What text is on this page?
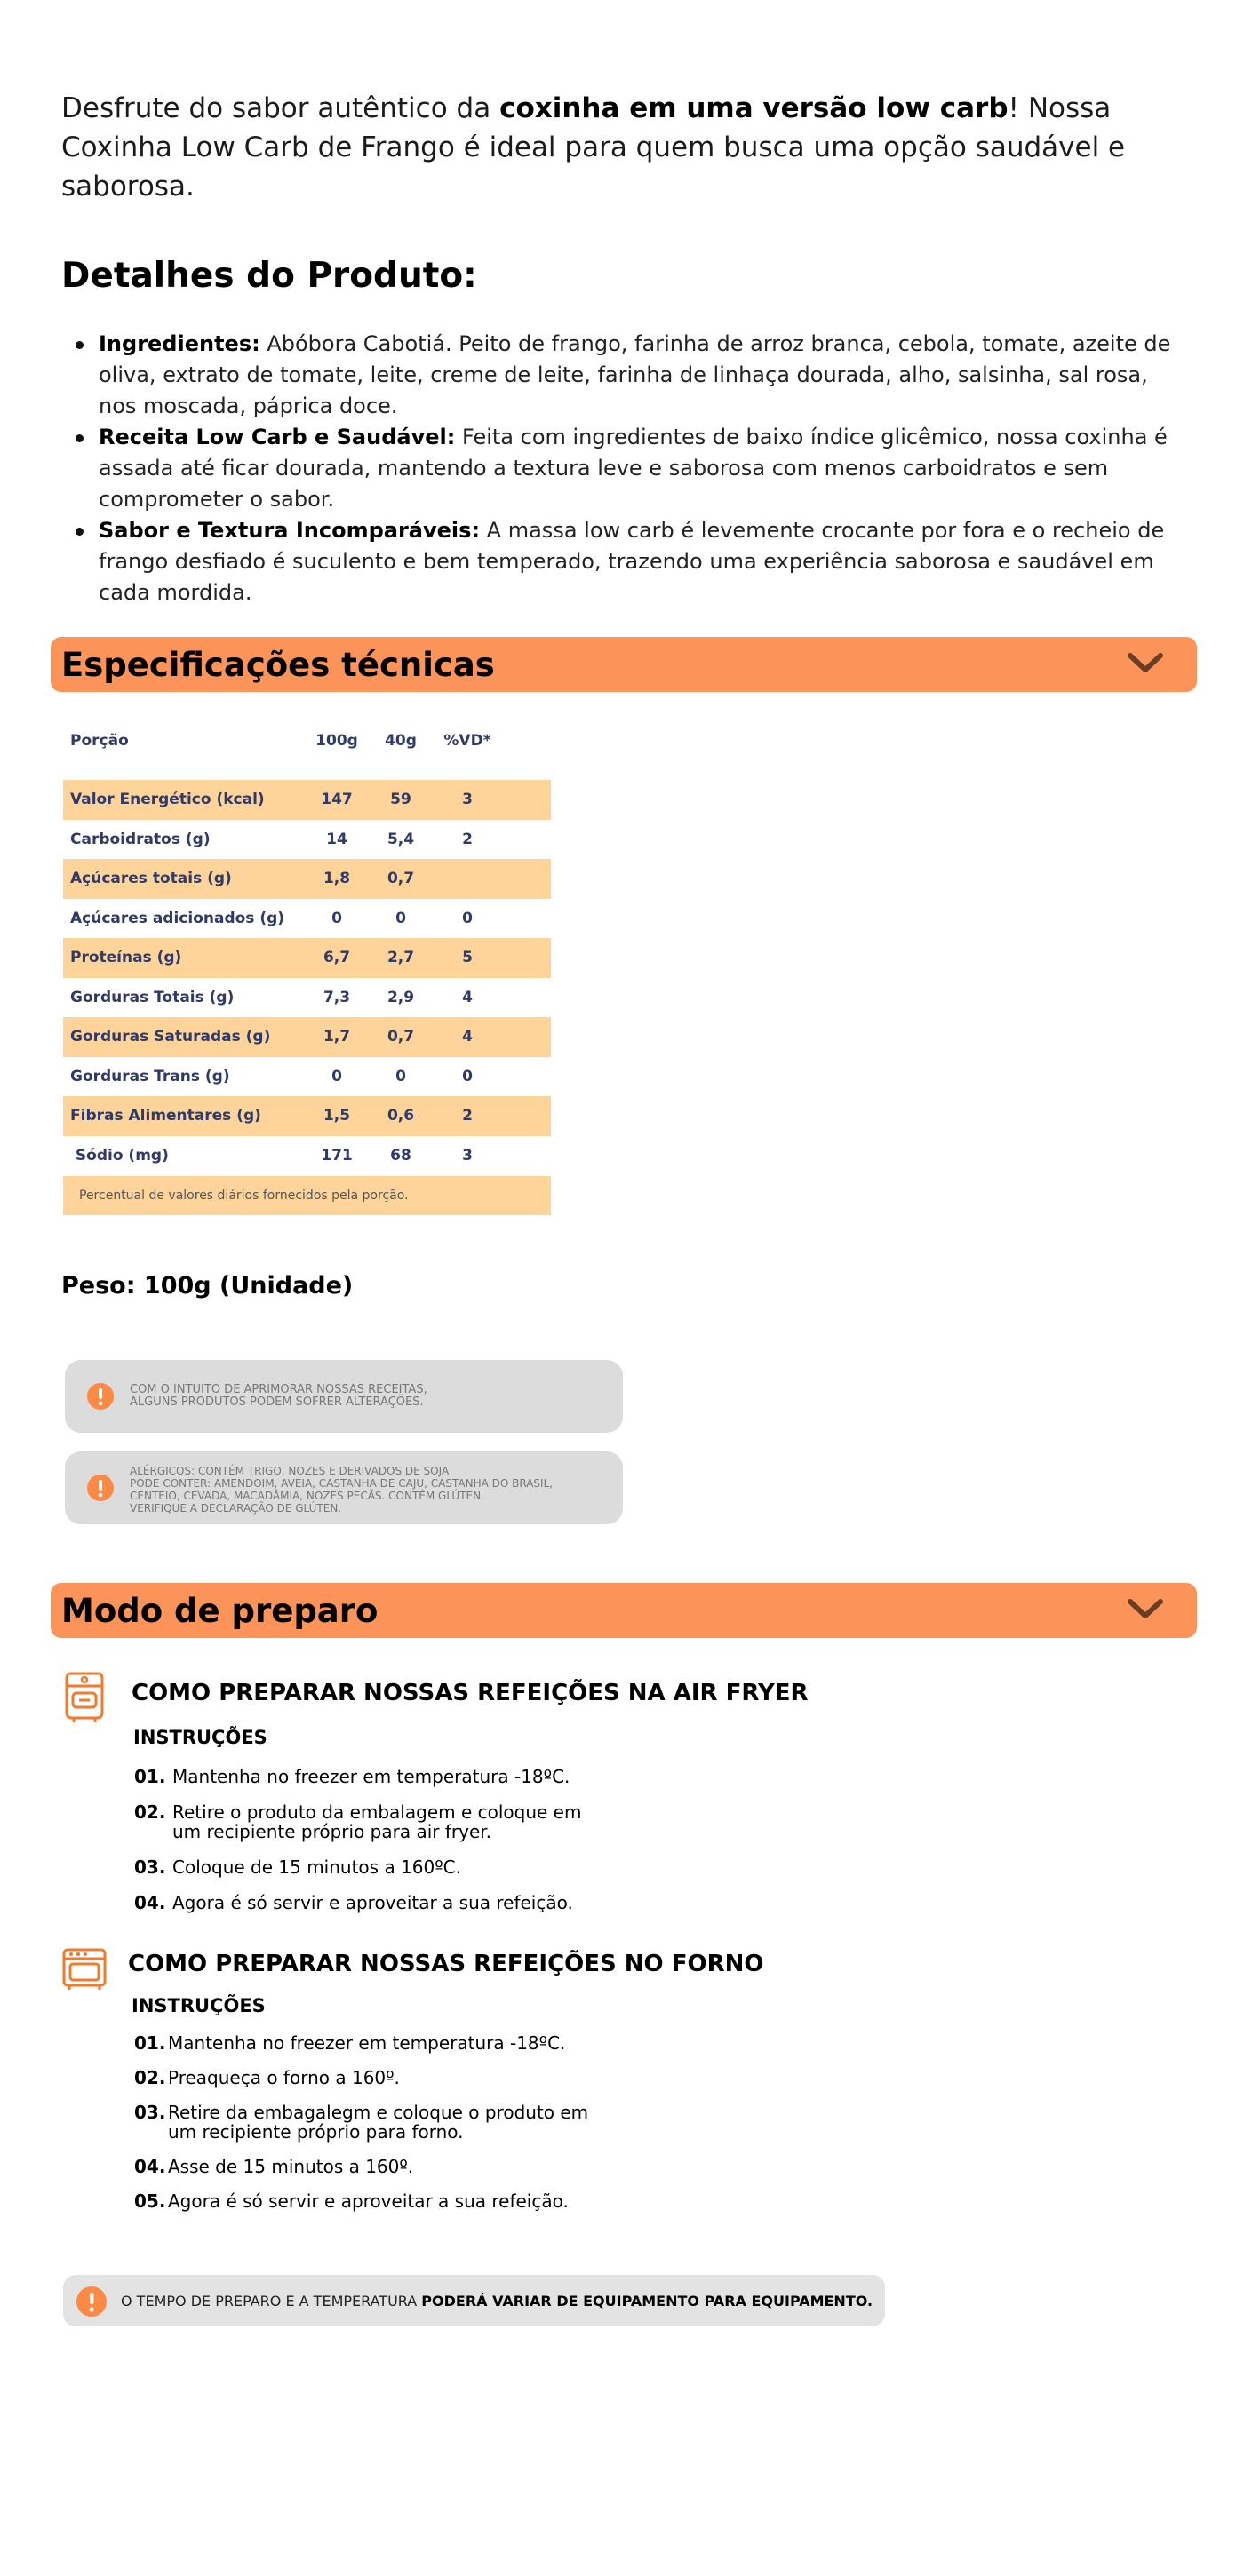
Desfrute do sabor autêntico da coxinha em uma versão low carb! Nossa Coxinha Low Carb de Frango é ideal para quem busca uma opção saudável e saborosa.

Detalhes do Produto:
Ingredientes: Abóbora Cabotiá. Peito de frango, farinha de arroz branca, cebola, tomate, azeite de oliva, extrato de tomate, leite, creme de leite, farinha de linhaça dourada, alho, salsinha, sal rosa, nos moscada, páprica doce.
Receita Low Carb e Saudável: Feita com ingredientes de baixo índice glicêmico, nossa coxinha é assada até ficar dourada, mantendo a textura leve e saborosa com menos carboidratos e sem comprometer o sabor.
Sabor e Textura Incomparáveis: A massa low carb é levemente crocante por fora e o recheio de frango desfiado é suculento e bem temperado, trazendo uma experiência saborosa e saudável em cada mordida.
Especificações técnicas
Porção	100g	40g	%VD*
Valor Energético (kcal)	147	59	3
Carboidratos (g)	14	5,4	2
Açúcares totais (g)	1,8	0,7
Açúcares adicionados (g)	0	0	0
Proteínas (g)	6,7	2,7	5
Gorduras Totais (g)	7,3	2,9	4
Gorduras Saturadas (g)	1,7	0,7	4
Gorduras Trans (g)	0	0	0
Fibras Alimentares (g)	1,5	0,6	2
Sódio (mg)	171	68	3
Percentual de valores diários fornecidos pela porção.
Peso: 100g (Unidade)
COM O INTUITO DE APRIMORAR NOSSAS RECEITAS,
ALGUNS PRODUTOS PODEM SOFRER ALTERAÇÕES.
ALÉRGICOS: CONTÉM TRIGO, NOZES E DERIVADOS DE SOJA
PODE CONTER: AMENDOIM, AVEIA, CASTANHA DE CAJU, CASTANHA DO BRASIL,
CENTEIO, CEVADA, MACADÂMIA, NOZES PECÃS. CONTÉM GLÚTEN.
VERIFIQUE A DECLARAÇÃO DE GLÚTEN.
Modo de preparo
COMO PREPARAR NOSSAS REFEIÇÕES NA AIR FRYER
INSTRUÇÕES
01. Mantenha no freezer em temperatura -18ºC.
02. Retire o produto da embalagem e coloque em um recipiente próprio para air fryer.
03. Coloque de 15 minutos a 160ºC.
04. Agora é só servir e aproveitar a sua refeição.
COMO PREPARAR NOSSAS REFEIÇÕES NO FORNO
INSTRUÇÕES
01. Mantenha no freezer em temperatura -18ºC.
02. Preaqueça o forno a 160º.
03. Retire da embagalegm e coloque o produto em um recipiente próprio para forno.
04. Asse de 15 minutos a 160º.
05. Agora é só servir e aproveitar a sua refeição.
O TEMPO DE PREPARO E A TEMPERATURA PODERÁ VARIAR DE EQUIPAMENTO PARA EQUIPAMENTO.
